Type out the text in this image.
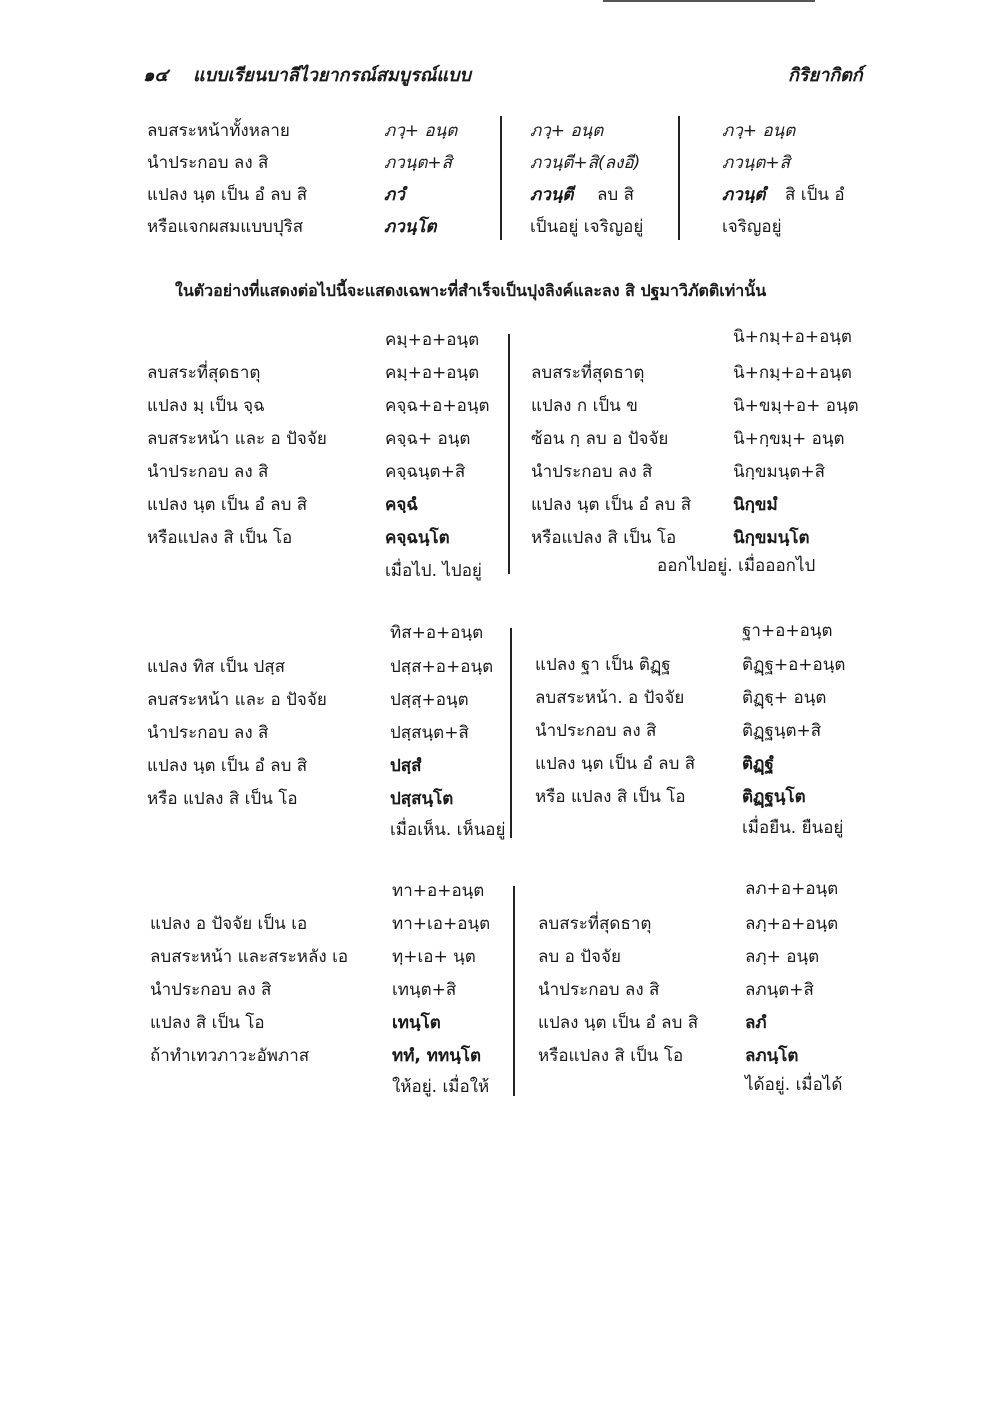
๑๔ แบบเรียนบาลีไวยากรณ์สมบูรณ์แบบ	กิริยากิตก์
ลบสระหน้าทั้งหลาย
นำประกอบ ลง สิ
แปลง นฺต เป็น อํ ลบ สิ
หรือแจกผสมแบบปุริส
ภวฺ+ อนฺต
ภวนฺต+สิ
ภวํ
ภวนฺโต
ภวฺ+ อนฺต
ภวนฺตี+สิ(ลงอี)
ภวนฺตี ลบ สิ
เป็นอยู่ เจริญอยู่
ภวฺ+ อนฺต
ภวนฺต+สิ
ภวนฺตํ สิ เป็น อํ
เจริญอยู่
ในตัวอย่างที่แสดงต่อไปนี้จะแสดงเฉพาะที่สำเร็จเป็นปุงลิงค์และลง สิ ปฐมาวิภัตติเท่านั้น
คมฺ+อ+อนฺต
ลบสระที่สุดธาตุ
แปลง มฺ เป็น จฺฉ
ลบสระหน้า และ อ ปัจจัย
นำประกอบ ลง สิ
แปลง นฺต เป็น อํ ลบ สิ
หรือแปลง สิ เป็น โอ
คมฺ+อ+อนฺต
คจฺฉ+อ+อนฺต
คจฺฉ+ อนฺต
คจฺฉนฺต+สิ
คจฺฉํ
คจฺฉนฺโต
เมื่อไป. ไปอยู่
นิ+กมฺ+อ+อนฺต
ลบสระที่สุดธาตุ
แปลง ก เป็น ข
ซ้อน กฺ ลบ อ ปัจจัย
นำประกอบ ลง สิ
แปลง นฺต เป็น อํ ลบ สิ
หรือแปลง สิ เป็น โอ
นิ+กมฺ+อ+อนฺต
นิ+ขมฺ+อ+ อนฺต
นิ+กฺขมฺ+ อนฺต
นิกฺขมนฺต+สิ
นิกฺขมํ
นิกฺขมนฺโต
ออกไปอยู่. เมื่อออกไป
ทิส+อ+อนฺต
แปลง ทิส เป็น ปสฺส
ลบสระหน้า และ อ ปัจจัย
นำประกอบ ลง สิ
แปลง นฺต เป็น อํ ลบ สิ
หรือ แปลง สิ เป็น โอ
ปสฺส+อ+อนฺต
ปสฺสฺ+อนฺต
ปสฺสนฺต+สิ
ปสฺสํ
ปสฺสนฺโต
เมื่อเห็น. เห็นอยู่
ฐา+อ+อนฺต
แปลง ฐา เป็น ติฏฺฐ
ลบสระหน้า. อ ปัจจัย
นำประกอบ ลง สิ
แปลง นฺต เป็น อํ ลบ สิ
หรือ แปลง สิ เป็น โอ
ติฏฺฐ+อ+อนฺต
ติฏฺฐฺ+ อนฺต
ติฏฺฐนฺต+สิ
ติฏฺฐํ
ติฏฺฐนฺโต
เมื่อยืน. ยืนอยู่
ทา+อ+อนฺต
แปลง อ ปัจจัย เป็น เอ
ลบสระหน้า และสระหลัง เอ
นำประกอบ ลง สิ
แปลง สิ เป็น โอ
ถ้าทำเทวภาวะอัพภาส
ทา+เอ+อนฺต
ทฺ+เอ+ นฺต
เทนฺต+สิ
เทนฺโต
ททํ, ททนฺโต
ให้อยู่. เมื่อให้
ลภ+อ+อนฺต
ลบสระที่สุดธาตุ
ลบ อ ปัจจัย
นำประกอบ ลง สิ
แปลง นฺต เป็น อํ ลบ สิ
หรือแปลง สิ เป็น โอ
ลภฺ+อ+อนฺต
ลภฺ+ อนฺต
ลภนฺต+สิ
ลภํ
ลภนฺโต
ได้อยู่. เมื่อได้
